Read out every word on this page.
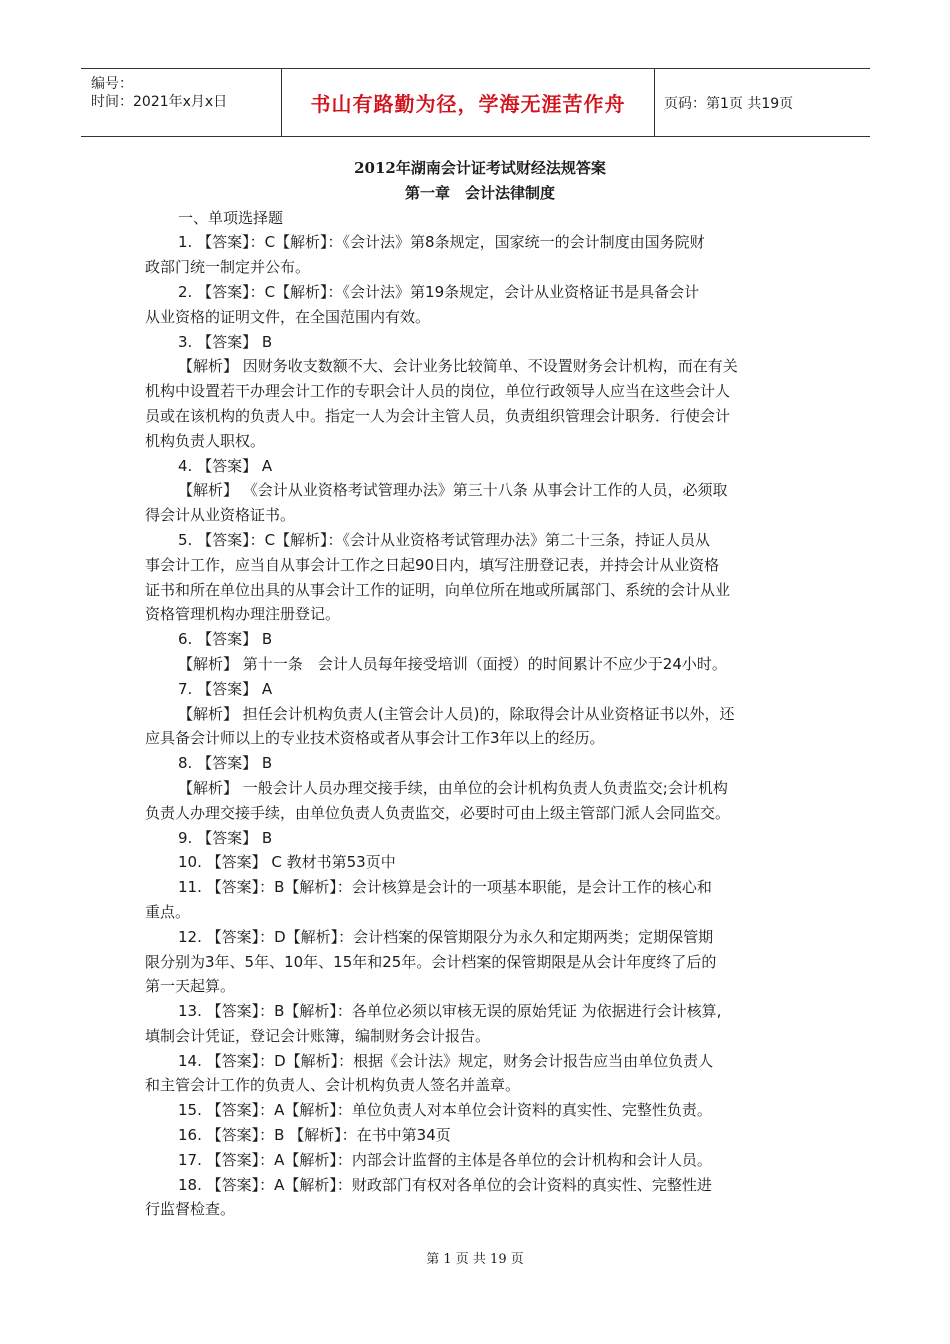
编号：
时间：2021年x月x日	书山有路勤为径，学海无涯苦作舟	页码：第1页 共19页
2012年湖南会计证考试财经法规答案
第一章　会计法律制度
一、单项选择题
1. 【答案】：C【解析】：《会计法》第8条规定，国家统一的会计制度由国务院财
政部门统一制定并公布。
2. 【答案】：C【解析】：《会计法》第19条规定，会计从业资格证书是具备会计
从业资格的证明文件，在全国范围内有效。
3. 【答案】 B
【解析】 因财务收支数额不大、会计业务比较简单、不设置财务会计机构，而在有关
机构中设置若干办理会计工作的专职会计人员的岗位，单位行政领导人应当在这些会计人
员或在该机构的负责人中。指定一人为会计主管人员，负责组织管理会计职务．行使会计
机构负责人职权。
4. 【答案】 A
【解析】 《会计从业资格考试管理办法》第三十八条 从事会计工作的人员，必须取
得会计从业资格证书。
5. 【答案】：C【解析】：《会计从业资格考试管理办法》第二十三条，持证人员从
事会计工作，应当自从事会计工作之日起90日内，填写注册登记表，并持会计从业资格
证书和所在单位出具的从事会计工作的证明，向单位所在地或所属部门、系统的会计从业
资格管理机构办理注册登记。
6. 【答案】 B
【解析】 第十一条　会计人员每年接受培训（面授）的时间累计不应少于24小时。
7. 【答案】 A
【解析】 担任会计机构负责人(主管会计人员)的，除取得会计从业资格证书以外，还
应具备会计师以上的专业技术资格或者从事会计工作3年以上的经历。
8. 【答案】 B
【解析】 一般会计人员办理交接手续，由单位的会计机构负责人负责监交;会计机构
负责人办理交接手续，由单位负责人负责监交，必要时可由上级主管部门派人会同监交。
9. 【答案】 B
10. 【答案】 C 教材书第53页中
11. 【答案】：B【解析】：会计核算是会计的一项基本职能，是会计工作的核心和
重点。
12. 【答案】：D【解析】：会计档案的保管期限分为永久和定期两类；定期保管期
限分别为3年、5年、10年、15年和25年。会计档案的保管期限是从会计年度终了后的
第一天起算。
13. 【答案】：B【解析】：各单位必须以审核无误的原始凭证 为依据进行会计核算,
填制会计凭证，登记会计账簿，编制财务会计报告。
14. 【答案】：D【解析】：根据《会计法》规定，财务会计报告应当由单位负责人
和主管会计工作的负责人、会计机构负责人签名并盖章。
15. 【答案】：A【解析】：单位负责人对本单位会计资料的真实性、完整性负责。
16. 【答案】：B 【解析】：在书中第34页
17. 【答案】：A【解析】：内部会计监督的主体是各单位的会计机构和会计人员。
18. 【答案】：A【解析】：财政部门有权对各单位的会计资料的真实性、完整性进
行监督检查。
第 1 页 共 19 页
